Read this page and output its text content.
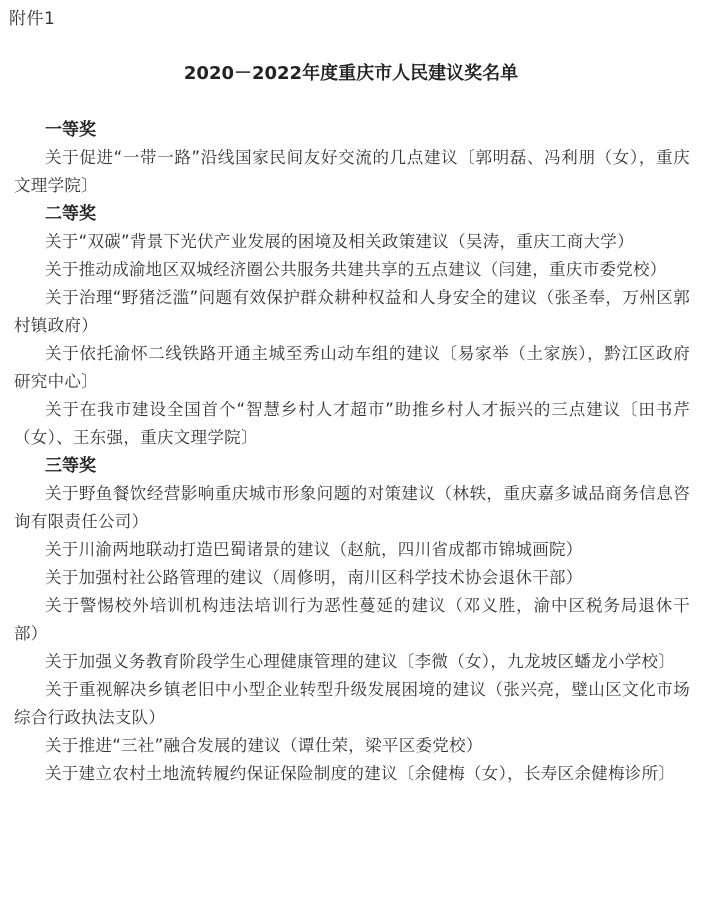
附件1
2020－2022年度重庆市人民建议奖名单

一等奖

关于促进“一带一路”沿线国家民间友好交流的几点建议〔郭明磊、冯利朋（女），重庆文理学院〕

二等奖

关于“双碳”背景下光伏产业发展的困境及相关政策建议（吴涛，重庆工商大学）

关于推动成渝地区双城经济圈公共服务共建共享的五点建议（闫建，重庆市委党校）

关于治理“野猪泛滥”问题有效保护群众耕种权益和人身安全的建议（张圣奉，万州区郭村镇政府）

关于依托渝怀二线铁路开通主城至秀山动车组的建议〔易家举（土家族），黔江区政府研究中心〕

关于在我市建设全国首个“智慧乡村人才超市”助推乡村人才振兴的三点建议〔田书芹（女）、王东强，重庆文理学院〕

三等奖

关于野鱼餐饮经营影响重庆城市形象问题的对策建议（林轶，重庆嘉多诚品商务信息咨询有限责任公司）

关于川渝两地联动打造巴蜀诸景的建议（赵航，四川省成都市锦城画院）

关于加强村社公路管理的建议（周修明，南川区科学技术协会退休干部）

关于警惕校外培训机构违法培训行为恶性蔓延的建议（邓义胜，渝中区税务局退休干部）

关于加强义务教育阶段学生心理健康管理的建议〔李微（女），九龙坡区蟠龙小学校〕

关于重视解决乡镇老旧中小型企业转型升级发展困境的建议（张兴亮，璧山区文化市场综合行政执法支队）

关于推进“三社”融合发展的建议（谭仕荣，梁平区委党校）

关于建立农村土地流转履约保证保险制度的建议〔余健梅（女），长寿区余健梅诊所〕
